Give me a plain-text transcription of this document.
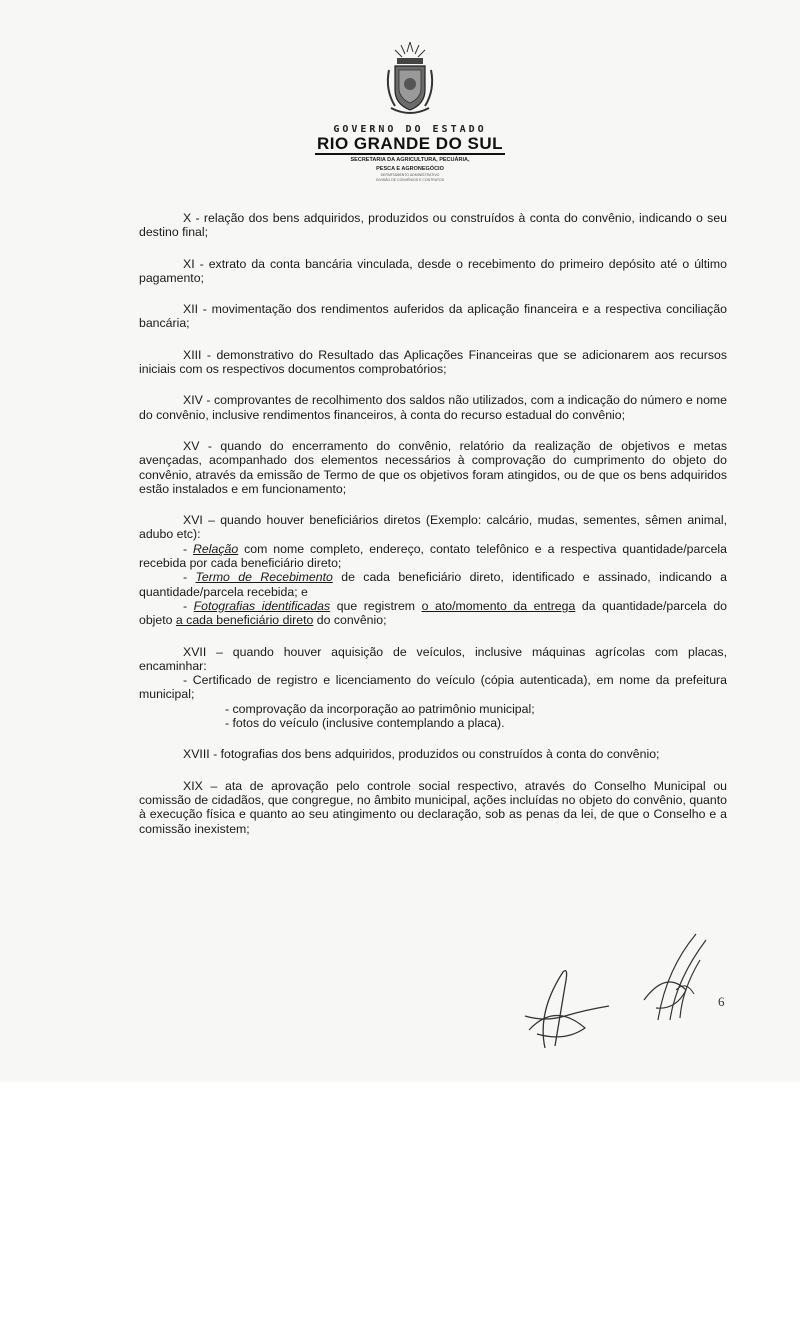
GOVERNO DO ESTADO
RIO GRANDE DO SUL
SECRETARIA DA AGRICULTURA, PECUÁRIA,
PESCA E AGRONEGÓCIO
DEPARTAMENTO ADMINISTRATIVO
DIVISÃO DE CONVÊNIOS E CONTRATOS

X - relação dos bens adquiridos, produzidos ou construídos à conta do convênio, indicando o seu destino final;

XI - extrato da conta bancária vinculada, desde o recebimento do primeiro depósito até o último pagamento;

XII - movimentação dos rendimentos auferidos da aplicação financeira e a respectiva conciliação bancária;

XIII - demonstrativo do Resultado das Aplicações Financeiras que se adicionarem aos recursos iniciais com os respectivos documentos comprobatórios;

XIV - comprovantes de recolhimento dos saldos não utilizados, com a indicação do número e nome do convênio, inclusive rendimentos financeiros, à conta do recurso estadual do convênio;

XV - quando do encerramento do convênio, relatório da realização de objetivos e metas avençadas, acompanhado dos elementos necessários à comprovação do cumprimento do objeto do convênio, através da emissão de Termo de que os objetivos foram atingidos, ou de que os bens adquiridos estão instalados e em funcionamento;

XVI – quando houver beneficiários diretos (Exemplo: calcário, mudas, sementes, sêmen animal, adubo etc):

- Relação com nome completo, endereço, contato telefônico e a respectiva quantidade/parcela recebida por cada beneficiário direto;

- Termo de Recebimento de cada beneficiário direto, identificado e assinado, indicando a quantidade/parcela recebida; e

- Fotografias identificadas que registrem o ato/momento da entrega da quantidade/parcela do objeto a cada beneficiário direto do convênio;

XVII – quando houver aquisição de veículos, inclusive máquinas agrícolas com placas, encaminhar:

- Certificado de registro e licenciamento do veículo (cópia autenticada), em nome da prefeitura municipal;

- comprovação da incorporação ao patrimônio municipal;

- fotos do veículo (inclusive contemplando a placa).

XVIII - fotografias dos bens adquiridos, produzidos ou construídos à conta do convênio;

XIX – ata de aprovação pelo controle social respectivo, através do Conselho Municipal ou comissão de cidadãos, que congregue, no âmbito municipal, ações incluídas no objeto do convênio, quanto à execução física e quanto ao seu atingimento ou declaração, sob as penas da lei, de que o Conselho e a comissão inexistem;

6
